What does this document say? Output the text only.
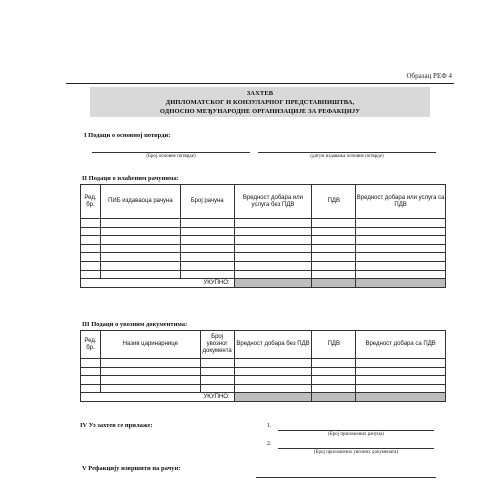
Образац РЕФ 4
ЗАХТЕВ
ДИПЛОМАТСКОГ И КОНЗУЛАРНОГ ПРЕДСТАВНИШТВА,
ОДНОСНО МЕЂУНАРОДНЕ ОРГАНИЗАЦИЈЕ ЗА РЕФАКЦИЈУ
I Подаци о основној потврди:
(Број основне потврде)	(датум издавања основне потврде)
II Подаци о плаћеним рачунима:
Ред. бр.	ПИБ издаваоца рачуна	Број рачуна	Вредност добара или услуга без ПДВ	ПДВ	Вредност добара или услуга са ПДВ

УКУПНО:					
III Подаци о увозним документима:
Ред. бр.	Назив царинарнице	Број увозног документа	Вредност добара без ПДВ	ПДВ	Вредност добара са ПДВ

УКУПНО:					
IV Уз захтев се прилаже:	1.
(Број приложених рачуна)
2.
(Број приложених увозних докумената)
V Рефакцију извршити на рачун:
